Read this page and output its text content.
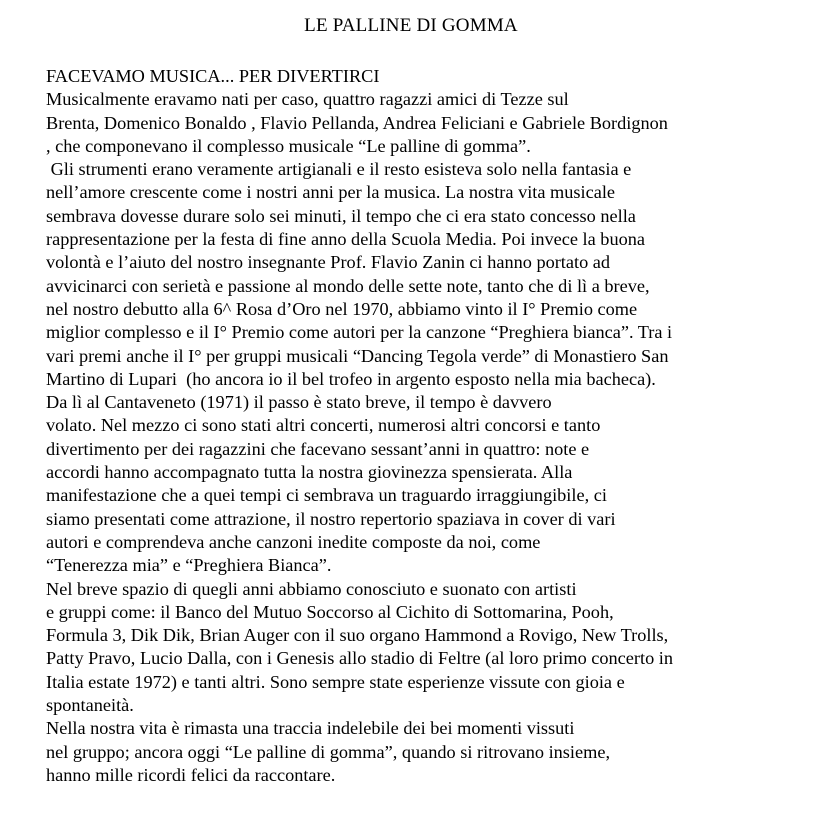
LE PALLINE DI GOMMA
FACEVAMO MUSICA... PER DIVERTIRCI
Musicalmente eravamo nati per caso, quattro ragazzi amici di Tezze sul
Brenta, Domenico Bonaldo , Flavio Pellanda, Andrea Feliciani e Gabriele Bordignon
, che componevano il complesso musicale “Le palline di gomma”.
Gli strumenti erano veramente artigianali e il resto esisteva solo nella fantasia e
nell’amore crescente come i nostri anni per la musica. La nostra vita musicale
sembrava dovesse durare solo sei minuti, il tempo che ci era stato concesso nella
rappresentazione per la festa di fine anno della Scuola Media. Poi invece la buona
volontà e l’aiuto del nostro insegnante Prof. Flavio Zanin ci hanno portato ad
avvicinarci con serietà e passione al mondo delle sette note, tanto che di lì a breve,
nel nostro debutto alla 6^ Rosa d’Oro nel 1970, abbiamo vinto il I° Premio come
miglior complesso e il I° Premio come autori per la canzone “Preghiera bianca”. Tra i
vari premi anche il I° per gruppi musicali “Dancing Tegola verde” di Monastiero San
Martino di Lupari  (ho ancora io il bel trofeo in argento esposto nella mia bacheca).
Da lì al Cantaveneto (1971) il passo è stato breve, il tempo è davvero
volato. Nel mezzo ci sono stati altri concerti, numerosi altri concorsi e tanto
divertimento per dei ragazzini che facevano sessant’anni in quattro: note e
accordi hanno accompagnato tutta la nostra giovinezza spensierata. Alla
manifestazione che a quei tempi ci sembrava un traguardo irraggiungibile, ci
siamo presentati come attrazione, il nostro repertorio spaziava in cover di vari
autori e comprendeva anche canzoni inedite composte da noi, come
“Tenerezza mia” e “Preghiera Bianca”.
Nel breve spazio di quegli anni abbiamo conosciuto e suonato con artisti
e gruppi come: il Banco del Mutuo Soccorso al Cichito di Sottomarina, Pooh,
Formula 3, Dik Dik, Brian Auger con il suo organo Hammond a Rovigo, New Trolls,
Patty Pravo, Lucio Dalla, con i Genesis allo stadio di Feltre (al loro primo concerto in
Italia estate 1972) e tanti altri. Sono sempre state esperienze vissute con gioia e
spontaneità.
Nella nostra vita è rimasta una traccia indelebile dei bei momenti vissuti
nel gruppo; ancora oggi “Le palline di gomma”, quando si ritrovano insieme,
hanno mille ricordi felici da raccontare.
